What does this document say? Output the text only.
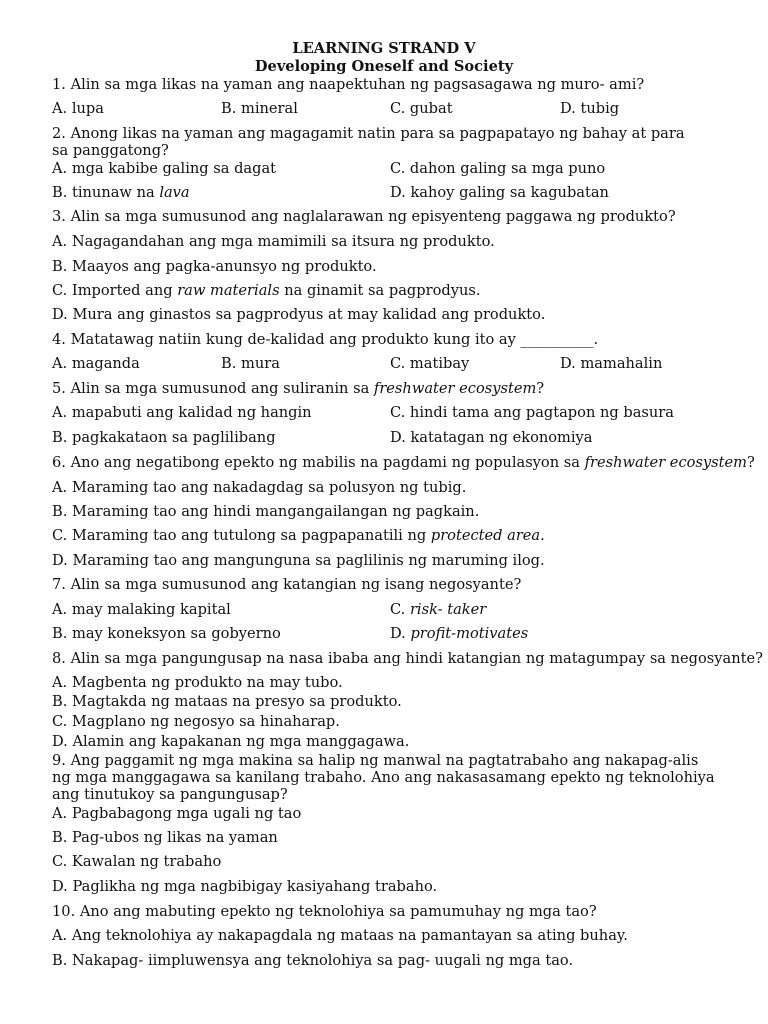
LEARNING STRAND V
Developing Oneself and Society
1. Alin sa mga likas na yaman ang naapektuhan ng pagsasagawa ng muro- ami?
A. lupa	B. mineral	C. gubat	D. tubig
2. Anong likas na yaman ang magagamit natin para sa pagpapatayo ng bahay at para sa panggatong?
A. mga kabibe galing sa dagat	C. dahon galing sa mga puno
B. tinunaw na lava	D. kahoy galing sa kagubatan
3. Alin sa mga sumusunod ang naglalarawan ng episyenteng paggawa ng produkto?
A. Nagagandahan ang mga mamimili sa itsura ng produkto.
B. Maayos ang pagka-anunsyo ng produkto.
C. Imported ang raw materials na ginamit sa pagprodyus.
D. Mura ang ginastos sa pagprodyus at may kalidad ang produkto.
4. Matatawag natiin kung de-kalidad ang produkto kung ito ay __________.
A. maganda	B. mura	C. matibay	D. mamahalin
5. Alin sa mga sumusunod ang suliranin sa freshwater ecosystem?
A. mapabuti ang kalidad ng hangin	C. hindi tama ang pagtapon ng basura
B. pagkakataon sa paglilibang	D. katatagan ng ekonomiya
6. Ano ang negatibong epekto ng mabilis na pagdami ng populasyon sa freshwater ecosystem?
A. Maraming tao ang nakadagdag sa polusyon ng tubig.
B. Maraming tao ang hindi mangangailangan ng pagkain.
C. Maraming tao ang tutulong sa pagpapanatili ng protected area.
D. Maraming tao ang mangunguna sa paglilinis ng maruming ilog.
7. Alin sa mga sumusunod ang katangian ng isang negosyante?
A. may malaking kapital	C. risk- taker
B. may koneksyon sa gobyerno	D. profit-motivates
8. Alin sa mga pangungusap na nasa ibaba ang hindi katangian ng matagumpay sa negosyante?
A. Magbenta ng produkto na may tubo.
B. Magtakda ng mataas na presyo sa produkto.
C. Magplano ng negosyo sa hinaharap.
D. Alamin ang kapakanan ng mga manggagawa.
9. Ang paggamit ng mga makina sa halip ng manwal na pagtatrabaho ang nakapag-alis ng mga manggagawa sa kanilang trabaho. Ano ang nakasasamang epekto ng teknolohiya ang tinutukoy sa pangungusap?
A. Pagbabagong mga ugali ng tao
B. Pag-ubos ng likas na yaman
C. Kawalan ng trabaho
D. Paglikha ng mga nagbibigay kasiyahang trabaho.
10. Ano ang mabuting epekto ng teknolohiya sa pamumuhay ng mga tao?
A. Ang teknolohiya ay nakapagdala ng mataas na pamantayan sa ating buhay.
B. Nakapag- iimpluwensya ang teknolohiya sa pag- uugali ng mga tao.
